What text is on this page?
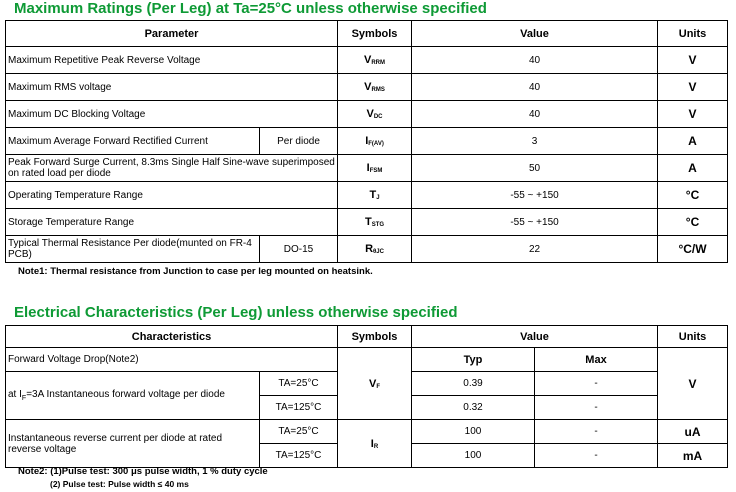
Maximum Ratings (Per Leg) at Ta=25°C unless otherwise specified
Parameter		Symbols	Value	Units
Maximum Repetitive Peak Reverse Voltage		$V_{RRM}$	40	V
Maximum RMS voltage		$V_{RMS}$	40	V
Maximum DC Blocking Voltage		$V_{DC}$	40	V
Maximum Average Forward Rectified Current	Per diode	$I_{F(AV)}$	3	A
Peak Forward Surge Current, 8.3ms Single Half Sine-wave superimposed on rated load per diode		$I_{FSM}$	50	A
Operating Temperature Range		$T_J$	-55 ~ +150	°C
Storage Temperature Range		$T_{STG}$	-55 ~ +150	°C
Typical Thermal Resistance Per diode(munted on FR-4 PCB)	DO-15	$R_{\theta JC}$	22	°C/W

Note1: Thermal resistance from Junction to case per leg mounted on heatsink.

Electrical Characteristics (Per Leg) unless otherwise specified
Characteristics		Symbols	Value		Units
Forward Voltage Drop(Note2)		$V_F$	Typ	Max	V
at $I_F=3A$ Instantaneous forward voltage per diode	TA=25°C		0.39	-	
	TA=125°C		0.32	-	
Instantaneous reverse current per diode at rated reverse voltage	TA=25°C	$I_R$	100	-	uA
	TA=125°C		100	-	mA

Note2: (1)Pulse test: 300 μs pulse width, 1 % duty cycle

(2) Pulse test: Pulse width ≤ 40 ms
